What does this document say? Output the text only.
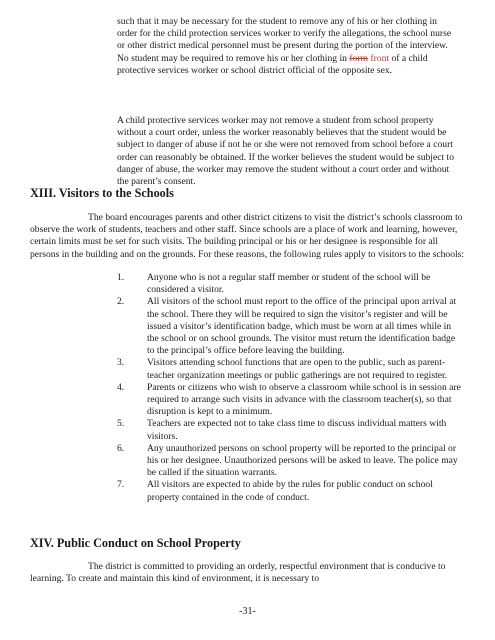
such that it may be necessary for the student to remove any of his or her clothing in order for the child protection services worker to verify the allegations, the school nurse or other district medical personnel must be present during the portion of the interview. No student may be required to remove his or her clothing in form front of a child protective services worker or school district official of the opposite sex.

A child protective services worker may not remove a student from school property without a court order, unless the worker reasonably believes that the student would be subject to danger of abuse if not he or she were not removed from school before a court order can reasonably be obtained. If the worker believes the student would be subject to danger of abuse, the worker may remove the student without a court order and without the parent’s consent.

XIII. Visitors to the Schools

The board encourages parents and other district citizens to visit the district’s schools classroom to observe the work of students, teachers and other staff. Since schools are a place of work and learning, however, certain limits must be set for such visits. The building principal or his or her designee is responsible for all persons in the building and on the grounds. For these reasons, the following rules apply to visitors to the schools:

1. Anyone who is not a regular staff member or student of the school will be considered a visitor.
2. All visitors of the school must report to the office of the principal upon arrival at the school. There they will be required to sign the visitor’s register and will be issued a visitor’s identification badge, which must be worn at all times while in the school or on school grounds. The visitor must return the identification badge to the principal’s office before leaving the building.
3. Visitors attending school functions that are open to the public, such as parent-teacher organization meetings or public gatherings are not required to register.
4. Parents or citizens who wish to observe a classroom while school is in session are required to arrange such visits in advance with the classroom teacher(s), so that disruption is kept to a minimum.
5. Teachers are expected not to take class time to discuss individual matters with visitors.
6. Any unauthorized persons on school property will be reported to the principal or his or her designee. Unauthorized persons will be asked to leave. The police may be called if the situation warrants.
7. All visitors are expected to abide by the rules for public conduct on school property contained in the code of conduct.
XIV. Public Conduct on School Property

The district is committed to providing an orderly, respectful environment that is conducive to learning. To create and maintain this kind of environment, it is necessary to

-31-
